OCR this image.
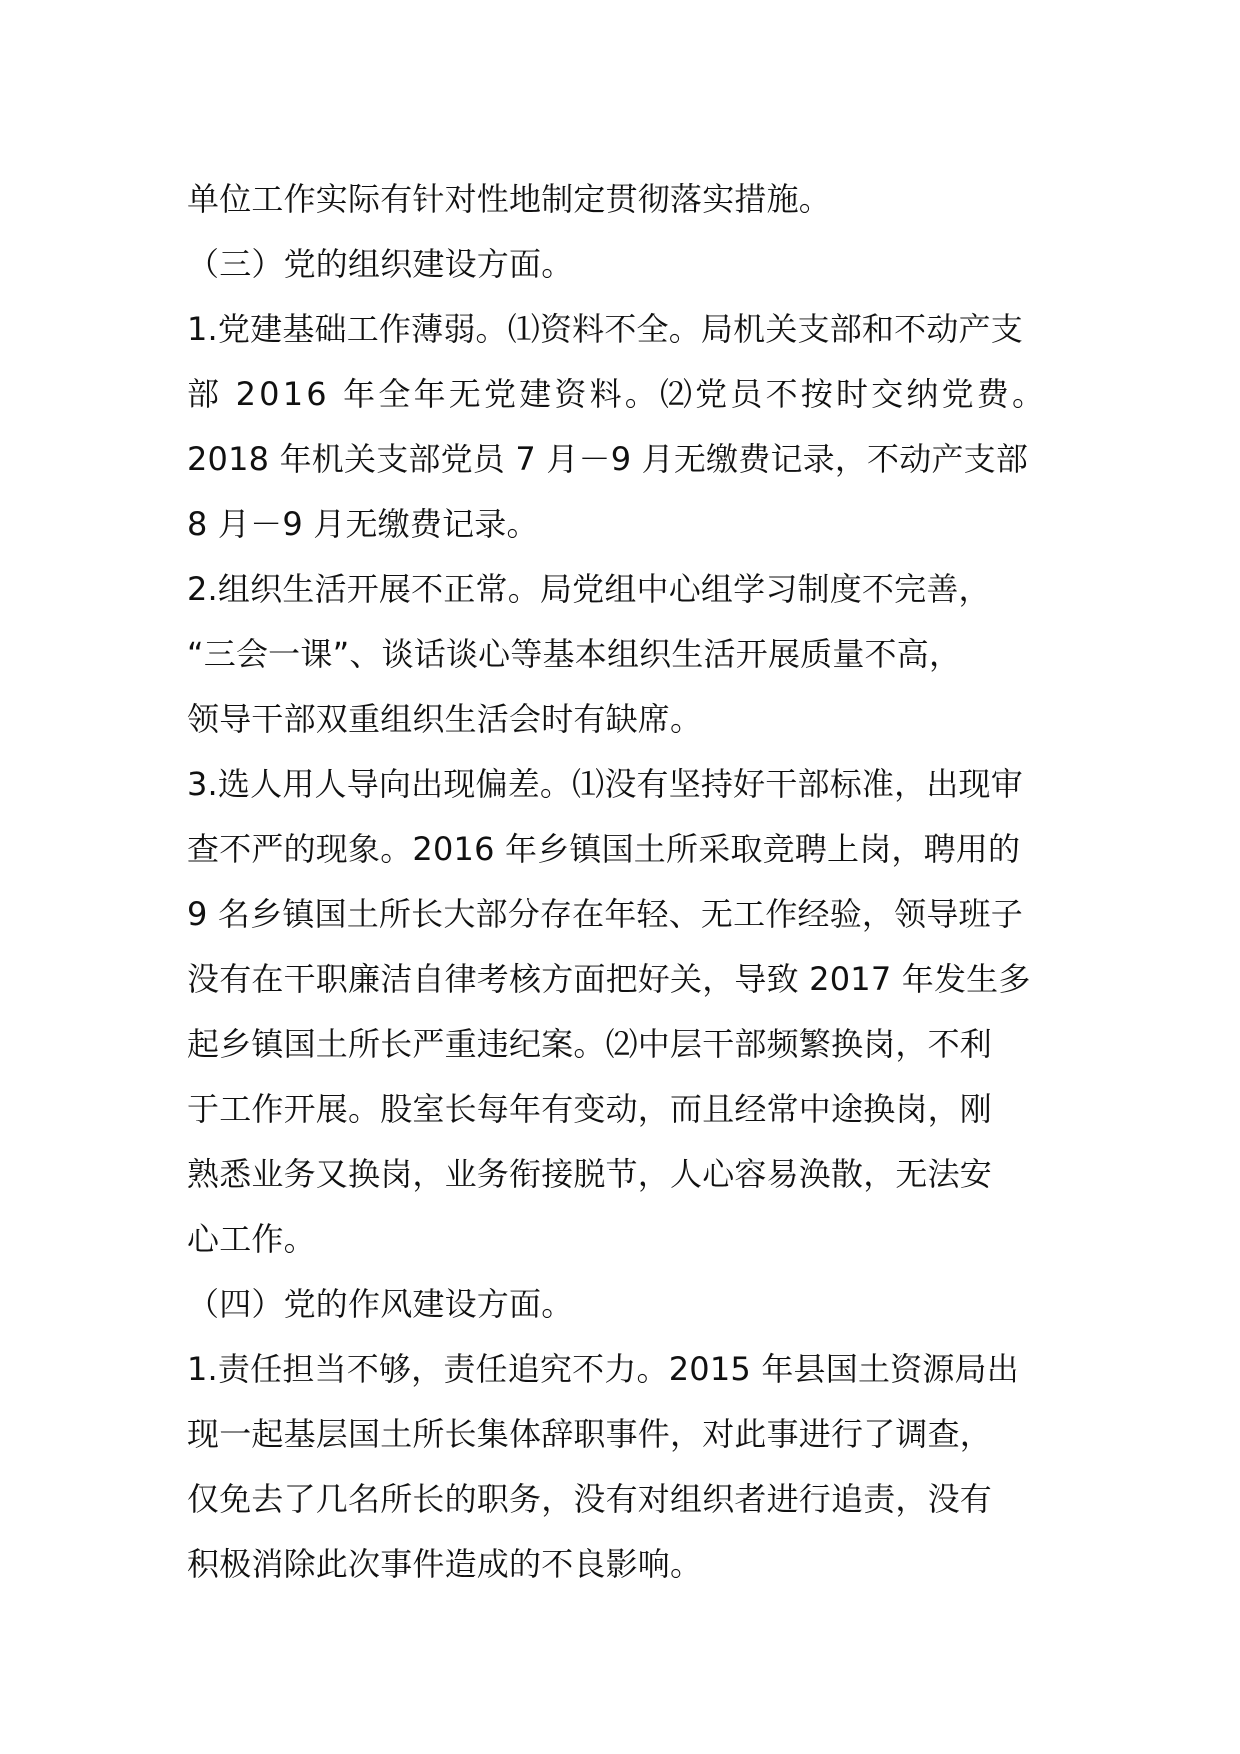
单位工作实际有针对性地制定贯彻落实措施。
（三）党的组织建设方面。
1.党建基础工作薄弱。⑴资料不全。局机关支部和不动产支
部 2016 年全年无党建资料。⑵党员不按时交纳党费。
2018 年机关支部党员 7 月－9 月无缴费记录，不动产支部
8 月－9 月无缴费记录。
2.组织生活开展不正常。局党组中心组学习制度不完善，
“三会一课”、谈话谈心等基本组织生活开展质量不高，
领导干部双重组织生活会时有缺席。
3.选人用人导向出现偏差。⑴没有坚持好干部标准，出现审
查不严的现象。2016 年乡镇国土所采取竞聘上岗，聘用的
9 名乡镇国土所长大部分存在年轻、无工作经验，领导班子
没有在干职廉洁自律考核方面把好关，导致 2017 年发生多
起乡镇国土所长严重违纪案。⑵中层干部频繁换岗，不利
于工作开展。股室长每年有变动，而且经常中途换岗，刚
熟悉业务又换岗，业务衔接脱节，人心容易涣散，无法安
心工作。
（四）党的作风建设方面。
1.责任担当不够，责任追究不力。2015 年县国土资源局出
现一起基层国土所长集体辞职事件，对此事进行了调查，
仅免去了几名所长的职务，没有对组织者进行追责，没有
积极消除此次事件造成的不良影响。
